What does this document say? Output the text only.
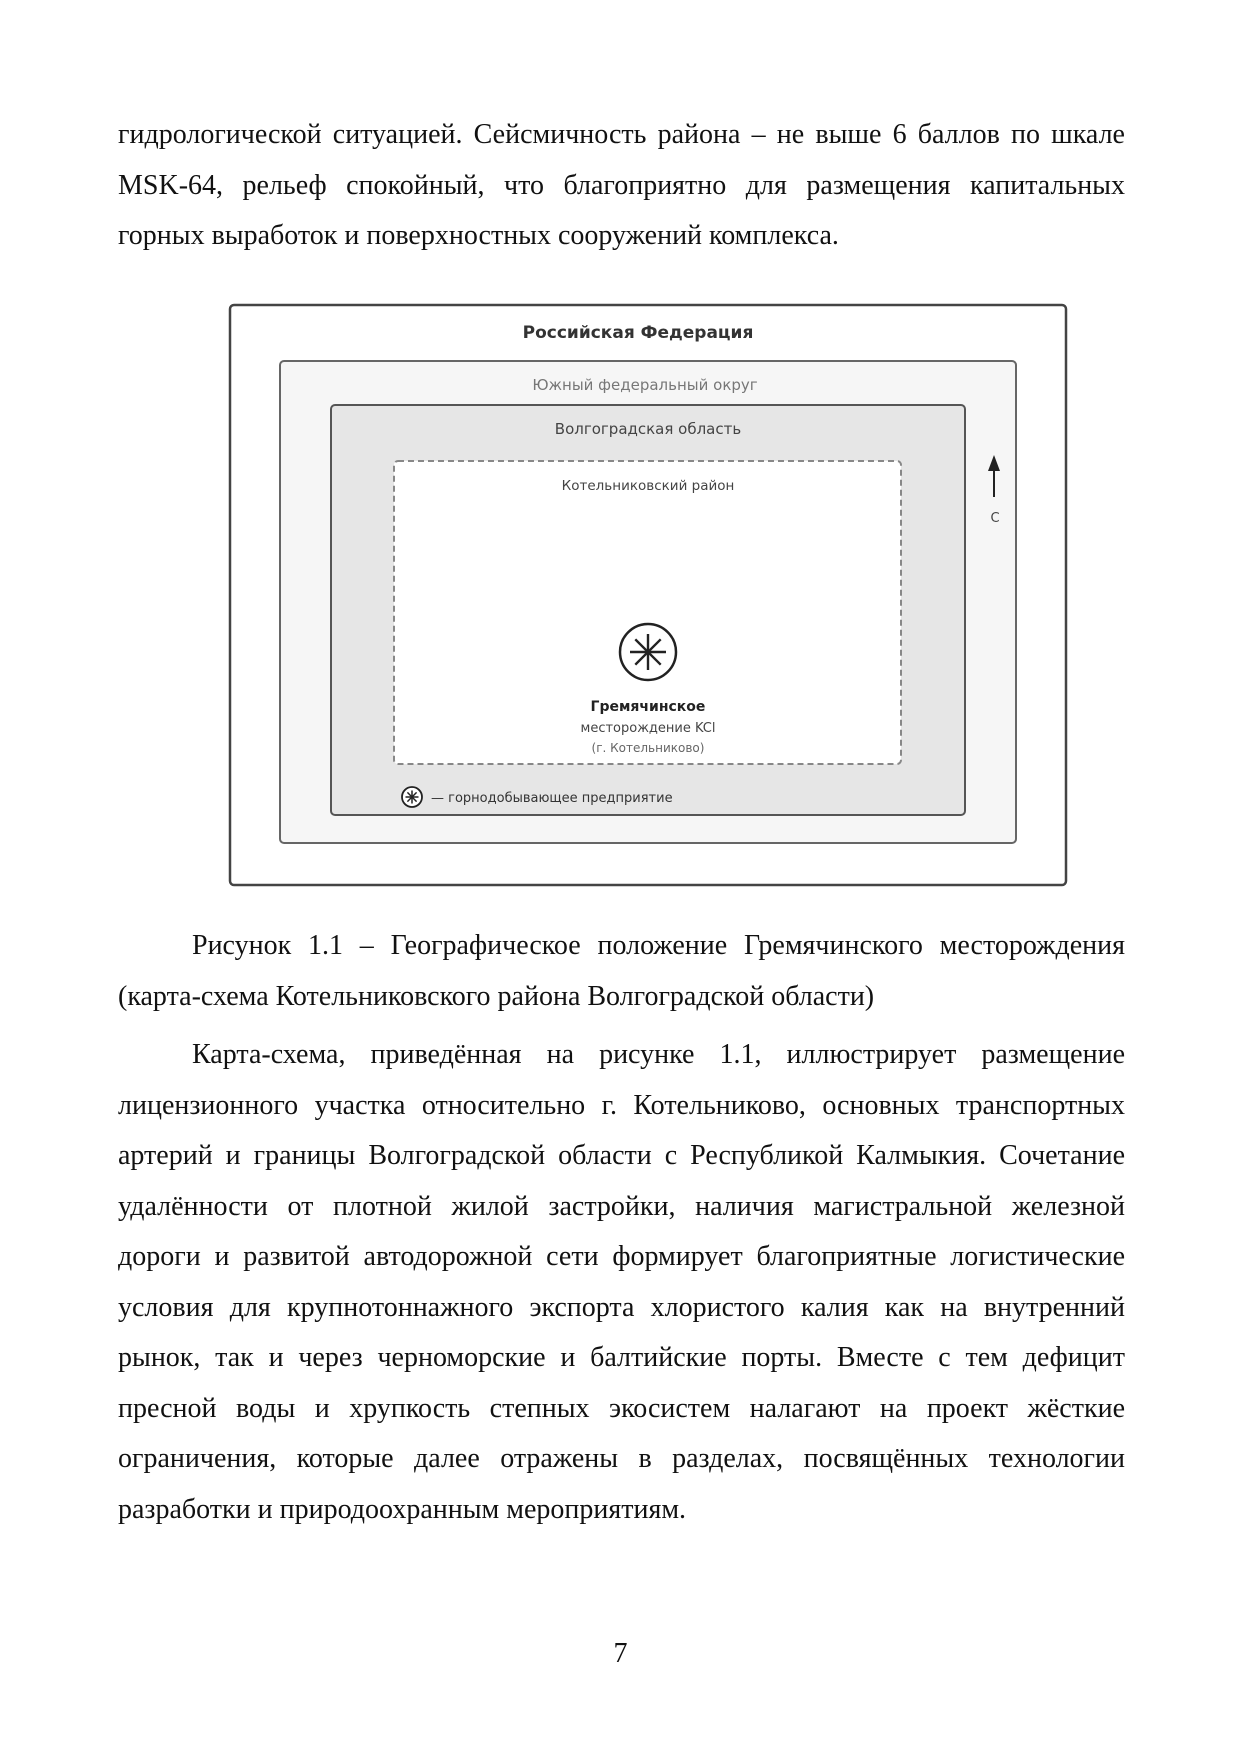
гидрологической ситуацией. Сейсмичность района – не выше 6 баллов по шкале MSK-64, рельеф спокойный, что благоприятно для размещения капитальных горных выработок и поверхностных сооружений комплекса.

Российская Федерация
Южный федеральный округ
Волгоградская область
Котельниковский район
Гремячинское
месторождение KCl
(г. Котельниково)
— горнодобывающее предприятие
С

Рисунок 1.1 – Географическое положение Гремячинского месторождения (карта-схема Котельниковского района Волгоградской области)

Карта-схема, приведённая на рисунке 1.1, иллюстрирует размещение лицензионного участка относительно г. Котельниково, основных транспортных артерий и границы Волгоградской области с Республикой Калмыкия. Сочетание удалённости от плотной жилой застройки, наличия магистральной железной дороги и развитой автодорожной сети формирует благоприятные логистические условия для крупнотоннажного экспорта хлористого калия как на внутренний рынок, так и через черноморские и балтийские порты. Вместе с тем дефицит пресной воды и хрупкость степных экосистем налагают на проект жёсткие ограничения, которые далее отражены в разделах, посвящённых технологии разработки и природоохранным мероприятиям.

7
